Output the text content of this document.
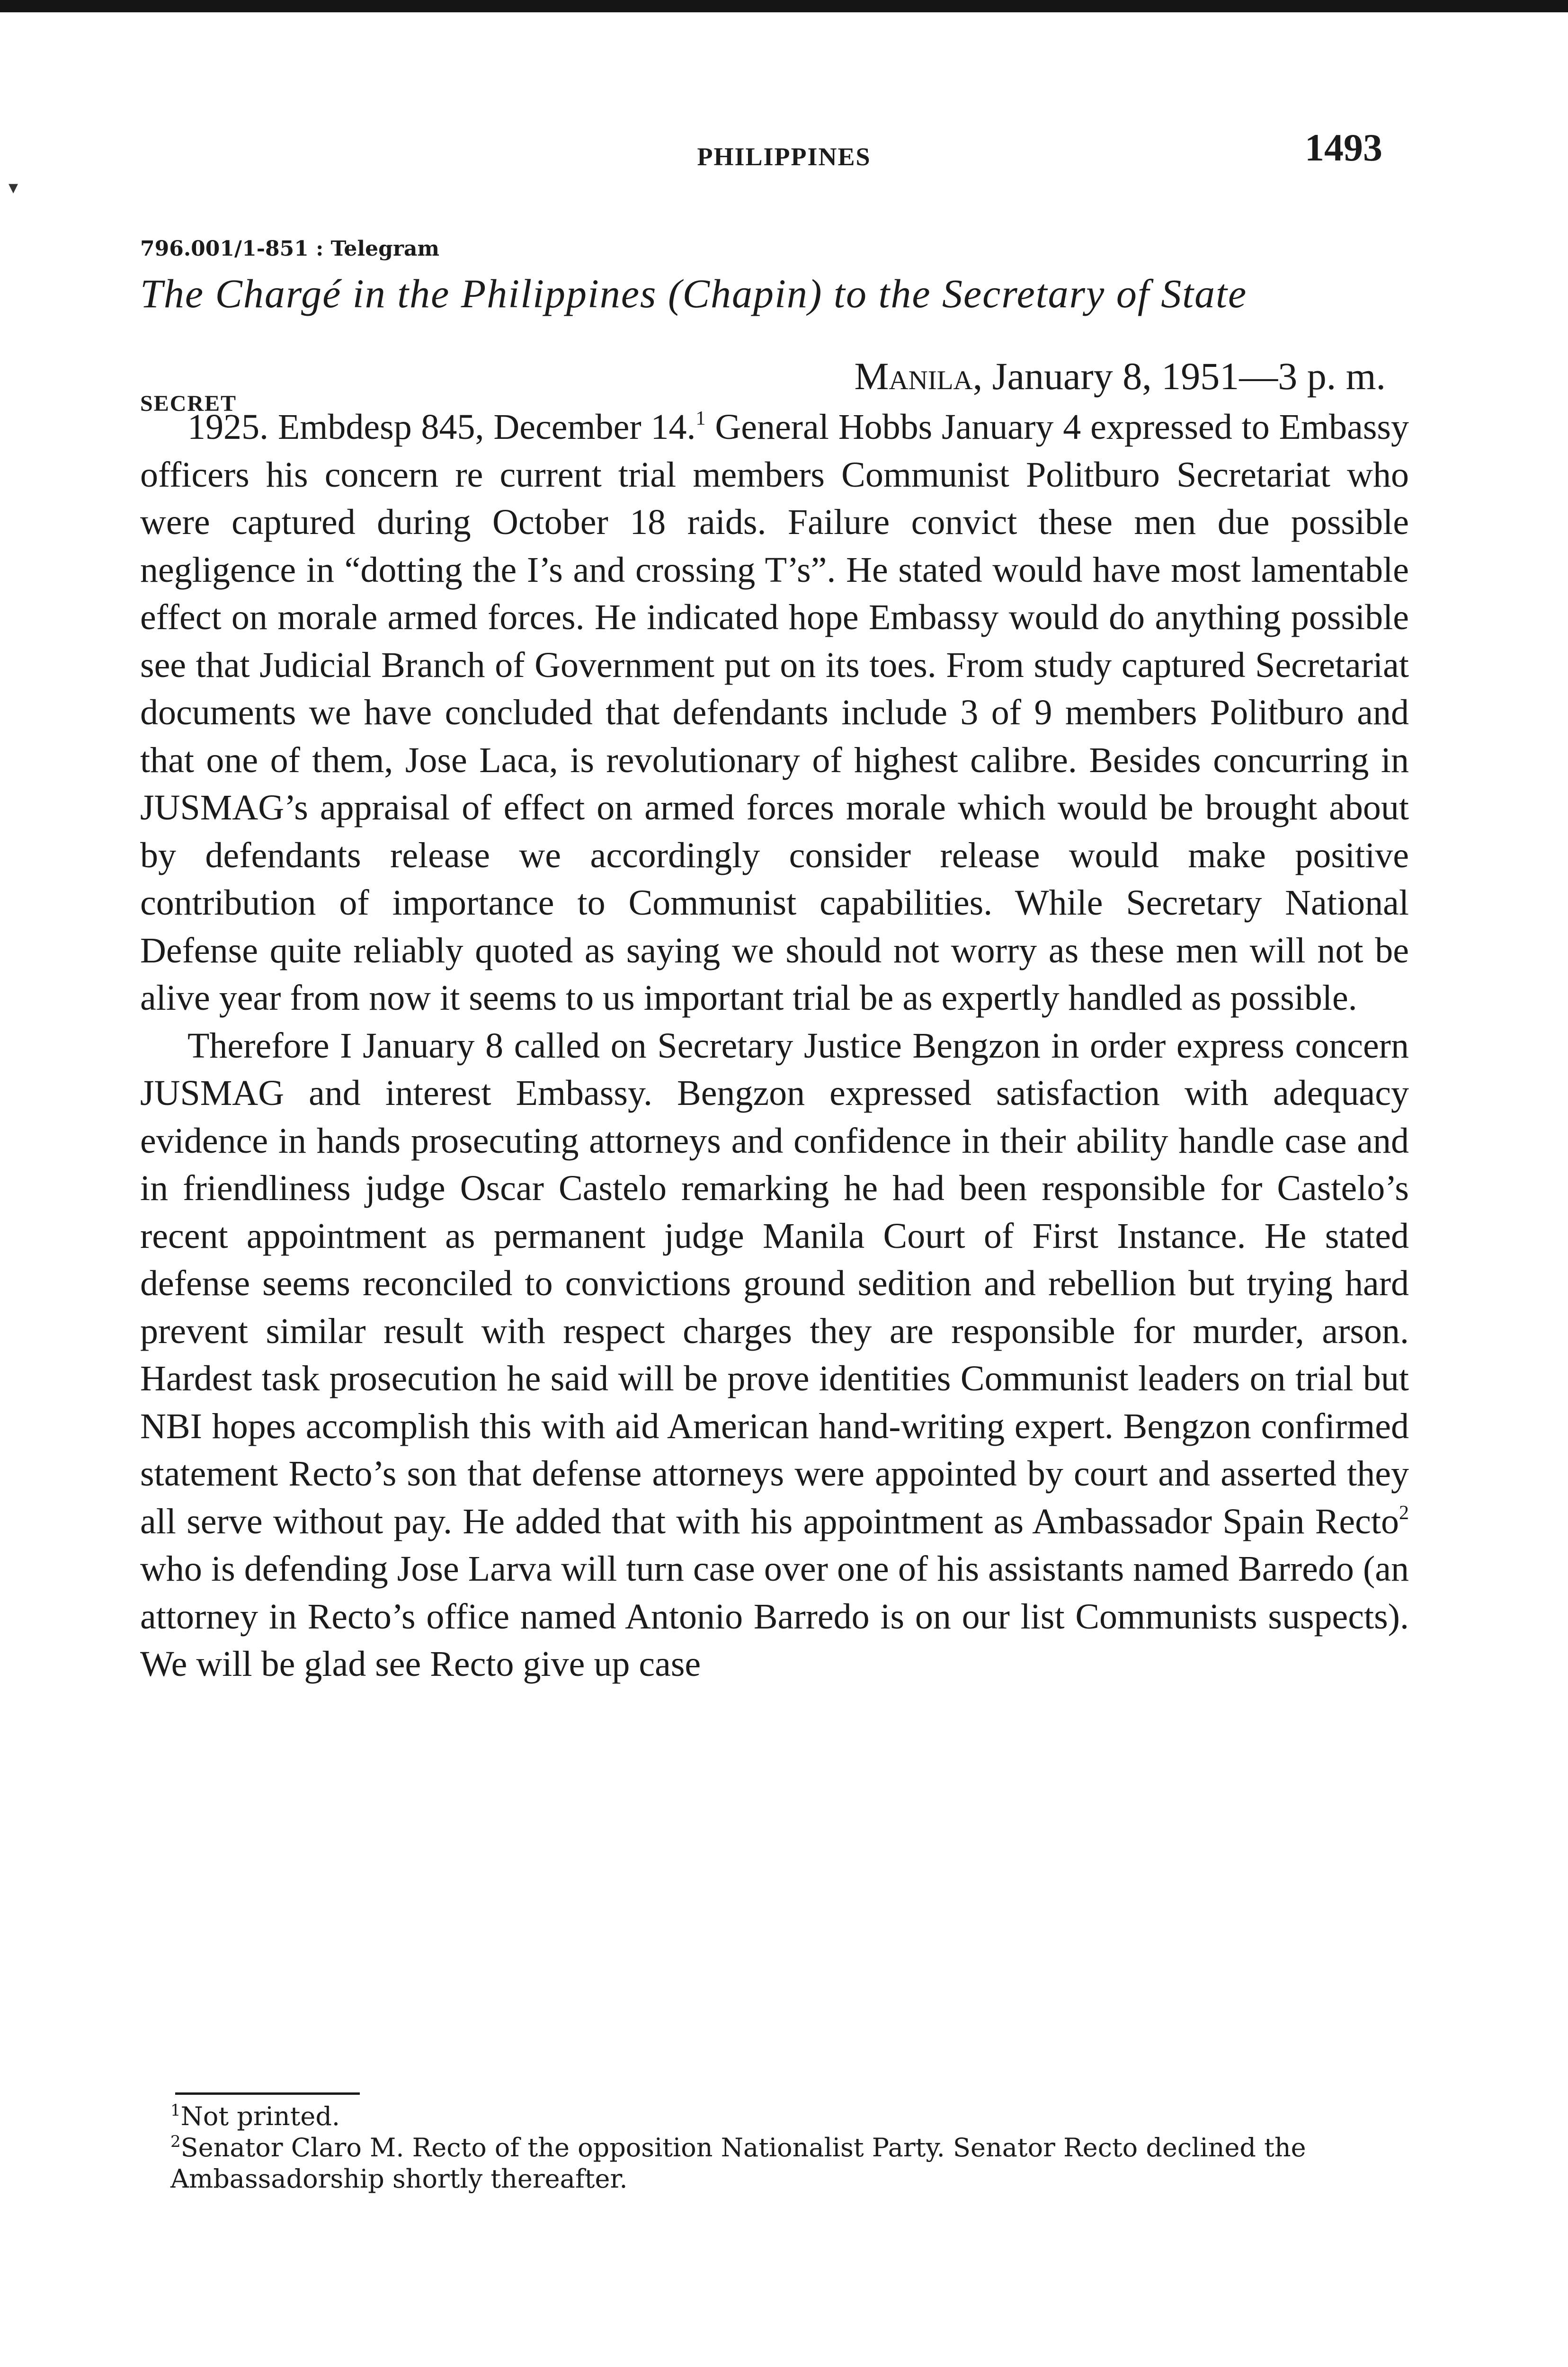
▾
PHILIPPINES	1493
796.001/1-851 : Telegram
The Chargé in the Philippines (Chapin) to the Secretary of State
Manila, January 8, 1951—3 p. m.
SECRET

1925. Embdesp 845, December 14.$^1$ General Hobbs January 4 expressed to Embassy officers his concern re current trial members Communist Politburo Secretariat who were captured during October 18 raids. Failure convict these men due possible negligence in “dotting the I’s and crossing T’s”. He stated would have most lamentable effect on morale armed forces. He indicated hope Embassy would do anything possible see that Judicial Branch of Government put on its toes. From study captured Secretariat documents we have concluded that defendants include 3 of 9 members Politburo and that one of them, Jose Laca, is revolutionary of highest calibre. Besides concurring in JUSMAG’s appraisal of effect on armed forces morale which would be brought about by defendants release we accordingly consider release would make positive contribution of importance to Communist capabilities. While Secretary National Defense quite reliably quoted as saying we should not worry as these men will not be alive year from now it seems to us important trial be as expertly handled as possible.

Therefore I January 8 called on Secretary Justice Bengzon in order express concern JUSMAG and interest Embassy. Bengzon expressed satisfaction with adequacy evidence in hands prosecuting attorneys and confidence in their ability handle case and in friendliness judge Oscar Castelo remarking he had been responsible for Castelo’s recent appointment as permanent judge Manila Court of First Instance. He stated defense seems reconciled to convictions ground sedition and rebellion but trying hard prevent similar result with respect charges they are responsible for murder, arson. Hardest task prosecution he said will be prove identities Communist leaders on trial but NBI hopes accomplish this with aid American hand-writing expert. Bengzon confirmed statement Recto’s son that defense attorneys were appointed by court and asserted they all serve without pay. He added that with his appointment as Ambassador Spain Recto$^2$ who is defending Jose Larva will turn case over one of his assistants named Barredo (an attorney in Recto’s office named Antonio Barredo is on our list Communists suspects). We will be glad see Recto give up case

$^1$Not printed.

$^2$Senator Claro M. Recto of the opposition Nationalist Party. Senator Recto declined the Ambassadorship shortly thereafter.
